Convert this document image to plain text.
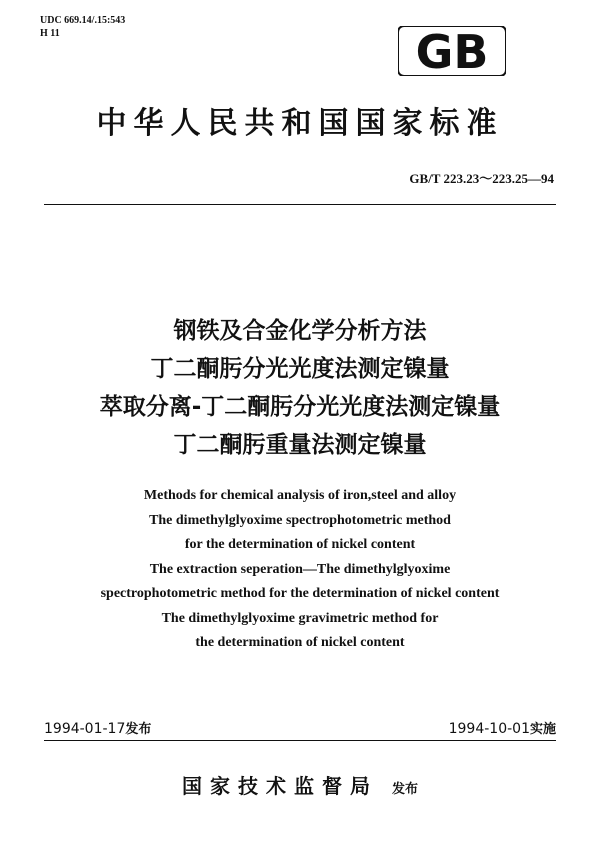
UDC 669.14/.15:543
H 11	GB
中华人民共和国国家标准
GB/T 223.23～223.25—94
钢铁及合金化学分析方法
丁二酮肟分光光度法测定镍量
萃取分离-丁二酮肟分光光度法测定镍量
丁二酮肟重量法测定镍量
Methods for chemical analysis of iron,steel and alloy
The dimethylglyoxime spectrophotometric method
for the determination of nickel content
The extraction seperation—The dimethylglyoxime
spectrophotometric method for the determination of nickel content
The dimethylglyoxime gravimetric method for
the determination of nickel content
1994-01-17发布	1994-10-01实施
国家技术监督局 发布
